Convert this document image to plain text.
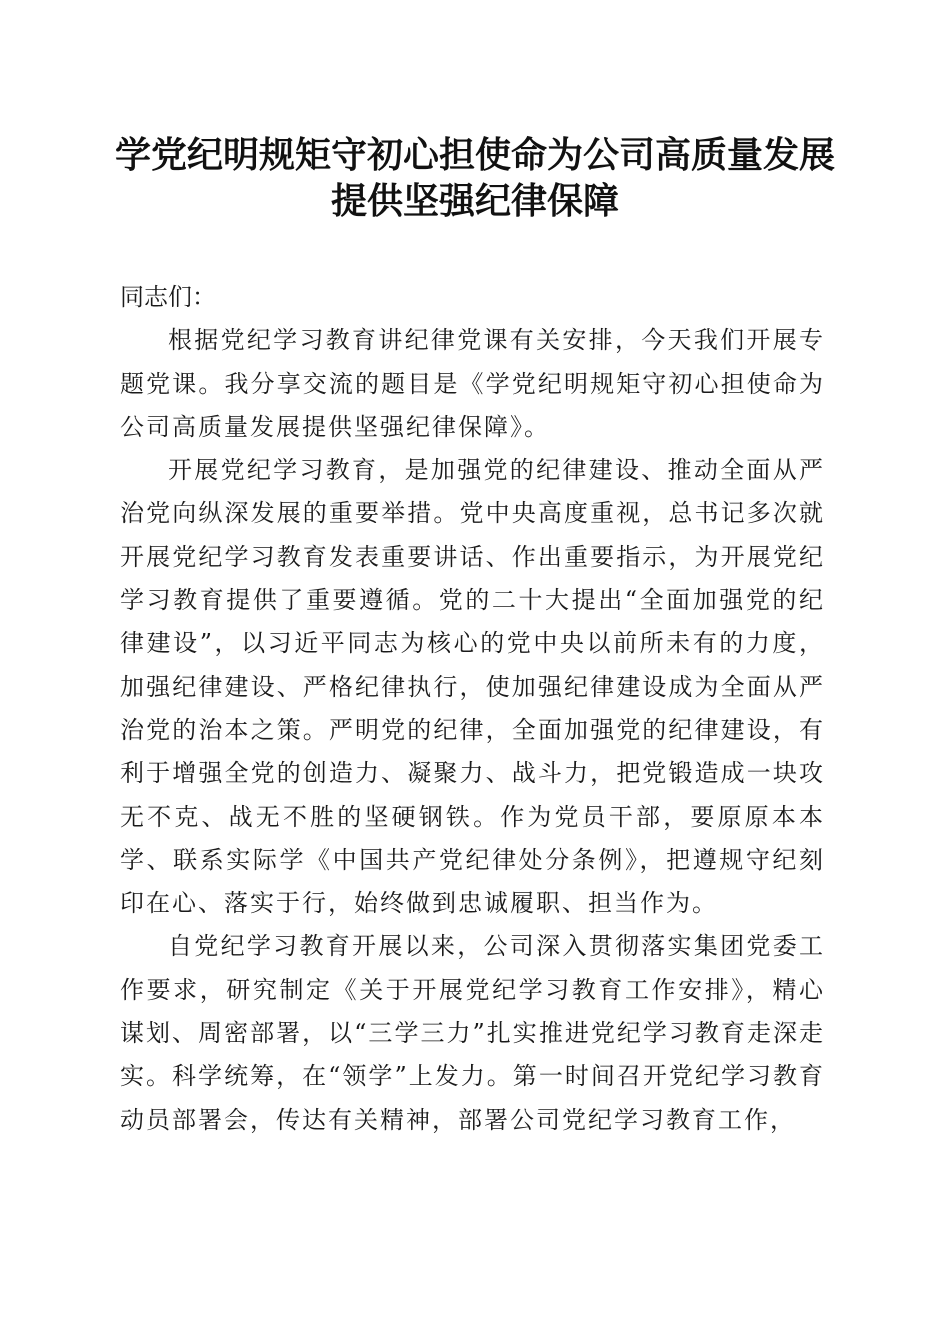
学党纪明规矩守初心担使命为公司高质量发展
提供坚强纪律保障

同志们：

根据党纪学习教育讲纪律党课有关安排，今天我们开展专题党课。我分享交流的题目是《学党纪明规矩守初心担使命为公司高质量发展提供坚强纪律保障》。

开展党纪学习教育，是加强党的纪律建设、推动全面从严治党向纵深发展的重要举措。党中央高度重视，总书记多次就开展党纪学习教育发表重要讲话、作出重要指示，为开展党纪学习教育提供了重要遵循。党的二十大提出“全面加强党的纪律建设”，以习近平同志为核心的党中央以前所未有的力度，加强纪律建设、严格纪律执行，使加强纪律建设成为全面从严治党的治本之策。严明党的纪律，全面加强党的纪律建设，有利于增强全党的创造力、凝聚力、战斗力，把党锻造成一块攻无不克、战无不胜的坚硬钢铁。作为党员干部，要原原本本学、联系实际学《中国共产党纪律处分条例》，把遵规守纪刻印在心、落实于行，始终做到忠诚履职、担当作为。

自党纪学习教育开展以来，公司深入贯彻落实集团党委工作要求，研究制定《关于开展党纪学习教育工作安排》，精心谋划、周密部署，以“三学三力”扎实推进党纪学习教育走深走实。科学统筹，在“领学”上发力。第一时间召开党纪学习教育动员部署会，传达有关精神，部署公司党纪学习教育工作，
